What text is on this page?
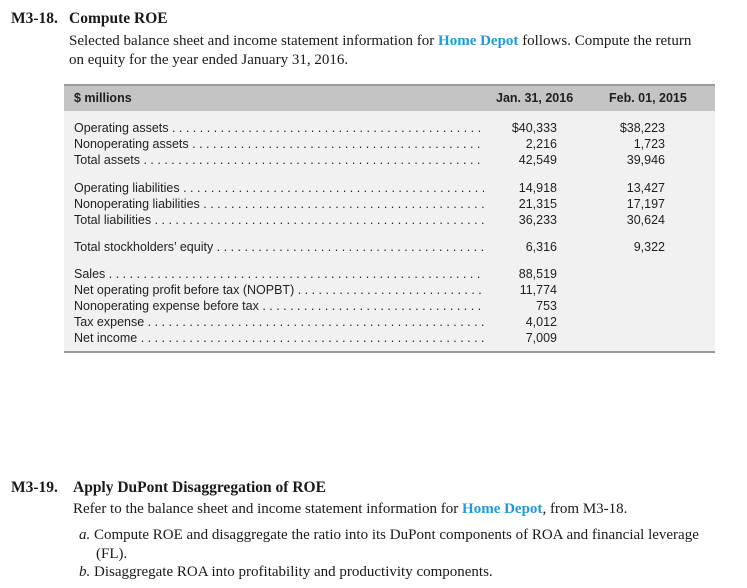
M3-18. Compute ROE
Selected balance sheet and income statement information for Home Depot follows. Compute the return
on equity for the year ended January 31, 2016.
$ millions	Jan. 31, 2016	Feb. 01, 2015
Operating assets . . .	$40,333	$38,223
Nonoperating assets . . .	2,216	1,723
Total assets . . .	42,549	39,946
Operating liabilities . . .	14,918	13,427
Nonoperating liabilities . . .	21,315	17,197
Total liabilities . . .	36,233	30,624
Total stockholders’ equity . . .	6,316	9,322
Sales . . .	88,519
Net operating profit before tax (NOPBT) . . .	11,774
Nonoperating expense before tax . . .	753
Tax expense . . .	4,012
Net income . . .	7,009
M3-19. Apply DuPont Disaggregation of ROE
Refer to the balance sheet and income statement information for Home Depot, from M3-18.
a. Compute ROE and disaggregate the ratio into its DuPont components of ROA and financial leverage
(FL).
b. Disaggregate ROA into profitability and productivity components.
